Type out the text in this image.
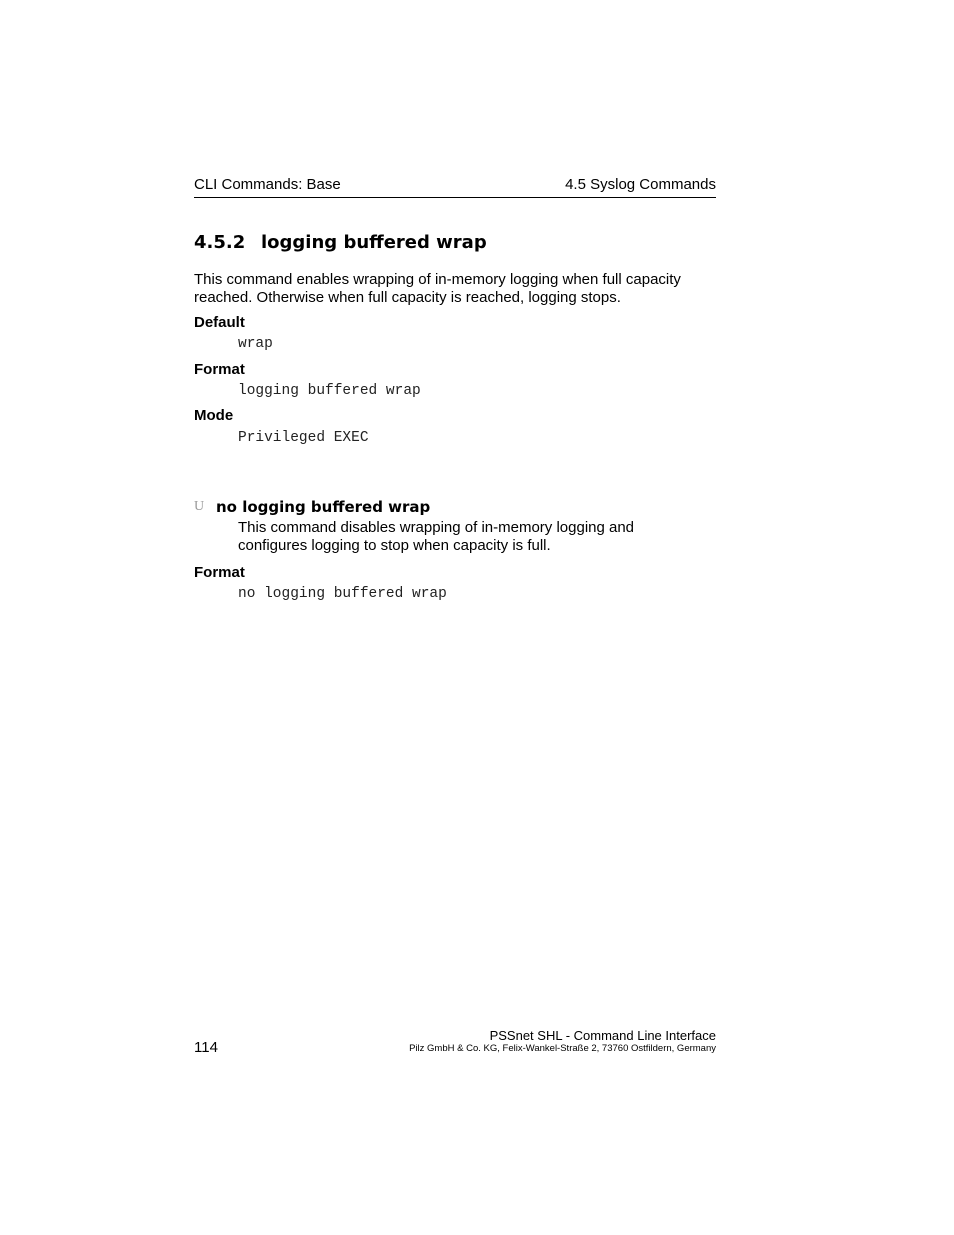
CLI Commands: Base	4.5 Syslog Commands
4.5.2 logging buffered wrap
This command enables wrapping of in-memory logging when full capacity
reached. Otherwise when full capacity is reached, logging stops.
Default
wrap
Format
logging buffered wrap
Mode
Privileged EXEC
U no logging buffered wrap
This command disables wrapping of in-memory logging and
configures logging to stop when capacity is full.
Format
no logging buffered wrap
114
PSSnet SHL - Command Line Interface
Pilz GmbH & Co. KG, Felix-Wankel-Straße 2, 73760 Ostfildern, Germany
